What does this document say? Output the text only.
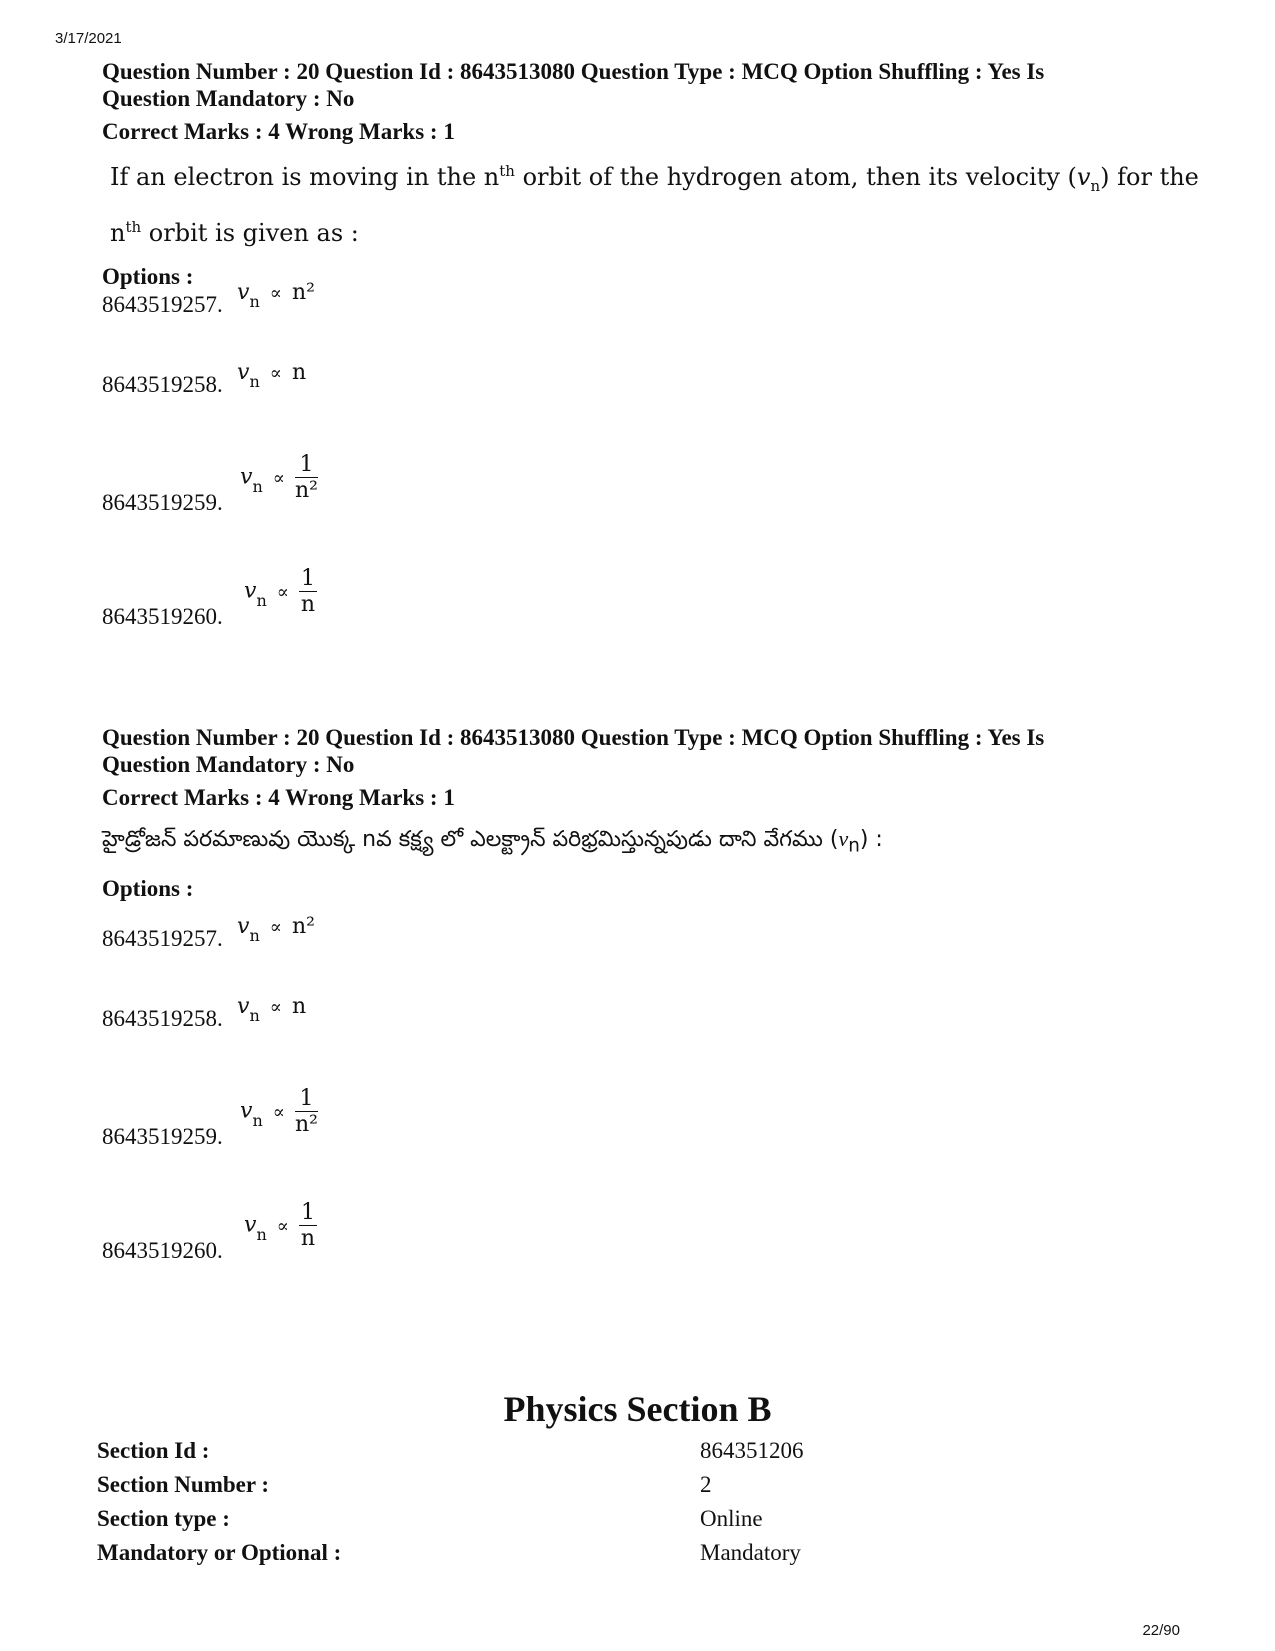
3/17/2021
Question Number : 20 Question Id : 8643513080 Question Type : MCQ Option Shuffling : Yes Is
Question Mandatory : No
Correct Marks : 4 Wrong Marks : 1
If an electron is moving in the $n^{th}$ orbit of the hydrogen atom, then its velocity $(v_n)$ for the $n^{th}$ orbit is given as :
Options :
8643519257. $v_n \propto n^2$
8643519258. $v_n \propto n$
8643519259.
$v_n \propto \frac{1}{\text{n²}}$
8643519260.
$v_n \propto \frac{1}{n}$
Question Number : 20 Question Id : 8643513080 Question Type : MCQ Option Shuffling : Yes Is
Question Mandatory : No
Correct Marks : 4 Wrong Marks : 1
హైడ్రోజన్ పరమాణువు యొక్క nవ కక్ష్య లో ఎలక్ట్రాన్ పరిభ్రమిస్తున్నపుడు దాని వేగము $(v_n)$ :
Options :
8643519257. $v_n \propto n^2$
8643519258. $v_n \propto n$
8643519259.
$v_n \propto \frac{1}{\text{n²}}$
8643519260.
$v_n \propto \frac{1}{n}$
Physics Section B
Section Id :	864351206
Section Number :	2
Section type :	Online
Mandatory or Optional :	Mandatory
22/90
